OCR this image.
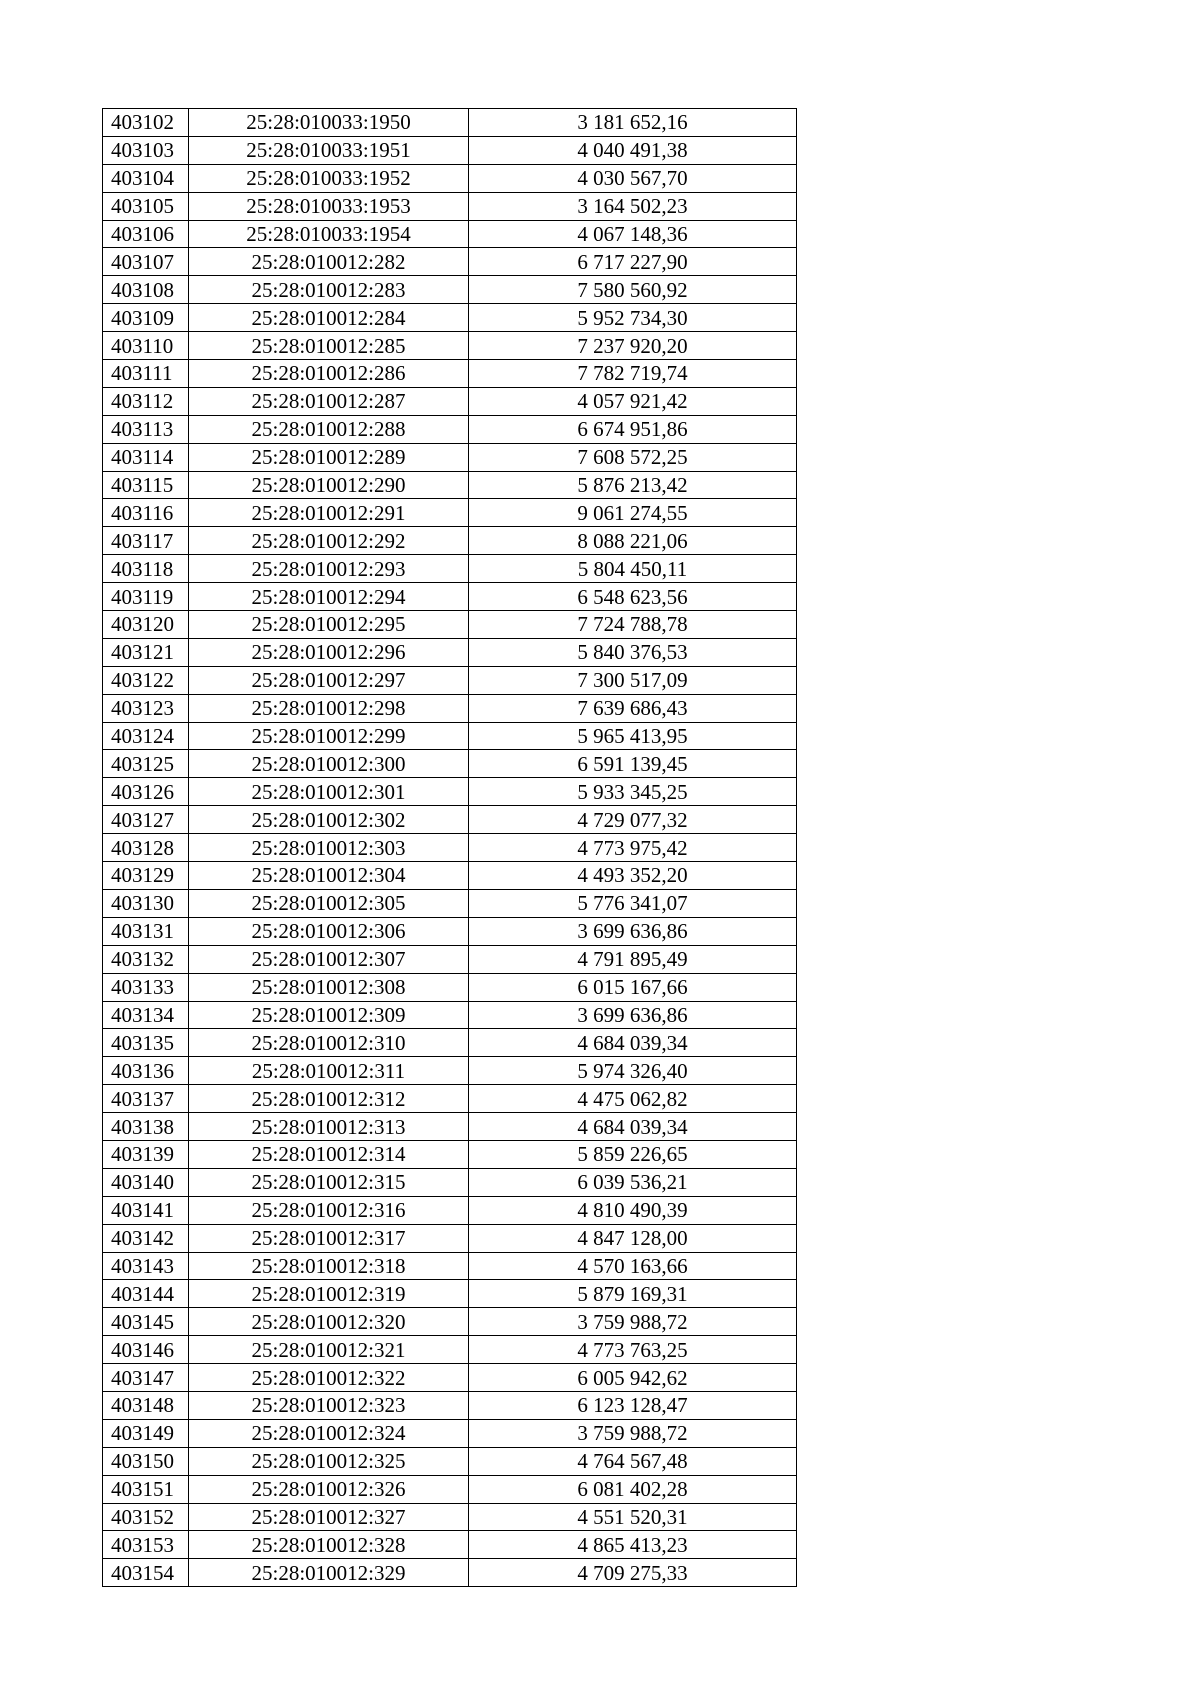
403102	25:28:010033:1950	3 181 652,16
403103	25:28:010033:1951	4 040 491,38
403104	25:28:010033:1952	4 030 567,70
403105	25:28:010033:1953	3 164 502,23
403106	25:28:010033:1954	4 067 148,36
403107	25:28:010012:282	6 717 227,90
403108	25:28:010012:283	7 580 560,92
403109	25:28:010012:284	5 952 734,30
403110	25:28:010012:285	7 237 920,20
403111	25:28:010012:286	7 782 719,74
403112	25:28:010012:287	4 057 921,42
403113	25:28:010012:288	6 674 951,86
403114	25:28:010012:289	7 608 572,25
403115	25:28:010012:290	5 876 213,42
403116	25:28:010012:291	9 061 274,55
403117	25:28:010012:292	8 088 221,06
403118	25:28:010012:293	5 804 450,11
403119	25:28:010012:294	6 548 623,56
403120	25:28:010012:295	7 724 788,78
403121	25:28:010012:296	5 840 376,53
403122	25:28:010012:297	7 300 517,09
403123	25:28:010012:298	7 639 686,43
403124	25:28:010012:299	5 965 413,95
403125	25:28:010012:300	6 591 139,45
403126	25:28:010012:301	5 933 345,25
403127	25:28:010012:302	4 729 077,32
403128	25:28:010012:303	4 773 975,42
403129	25:28:010012:304	4 493 352,20
403130	25:28:010012:305	5 776 341,07
403131	25:28:010012:306	3 699 636,86
403132	25:28:010012:307	4 791 895,49
403133	25:28:010012:308	6 015 167,66
403134	25:28:010012:309	3 699 636,86
403135	25:28:010012:310	4 684 039,34
403136	25:28:010012:311	5 974 326,40
403137	25:28:010012:312	4 475 062,82
403138	25:28:010012:313	4 684 039,34
403139	25:28:010012:314	5 859 226,65
403140	25:28:010012:315	6 039 536,21
403141	25:28:010012:316	4 810 490,39
403142	25:28:010012:317	4 847 128,00
403143	25:28:010012:318	4 570 163,66
403144	25:28:010012:319	5 879 169,31
403145	25:28:010012:320	3 759 988,72
403146	25:28:010012:321	4 773 763,25
403147	25:28:010012:322	6 005 942,62
403148	25:28:010012:323	6 123 128,47
403149	25:28:010012:324	3 759 988,72
403150	25:28:010012:325	4 764 567,48
403151	25:28:010012:326	6 081 402,28
403152	25:28:010012:327	4 551 520,31
403153	25:28:010012:328	4 865 413,23
403154	25:28:010012:329	4 709 275,33
